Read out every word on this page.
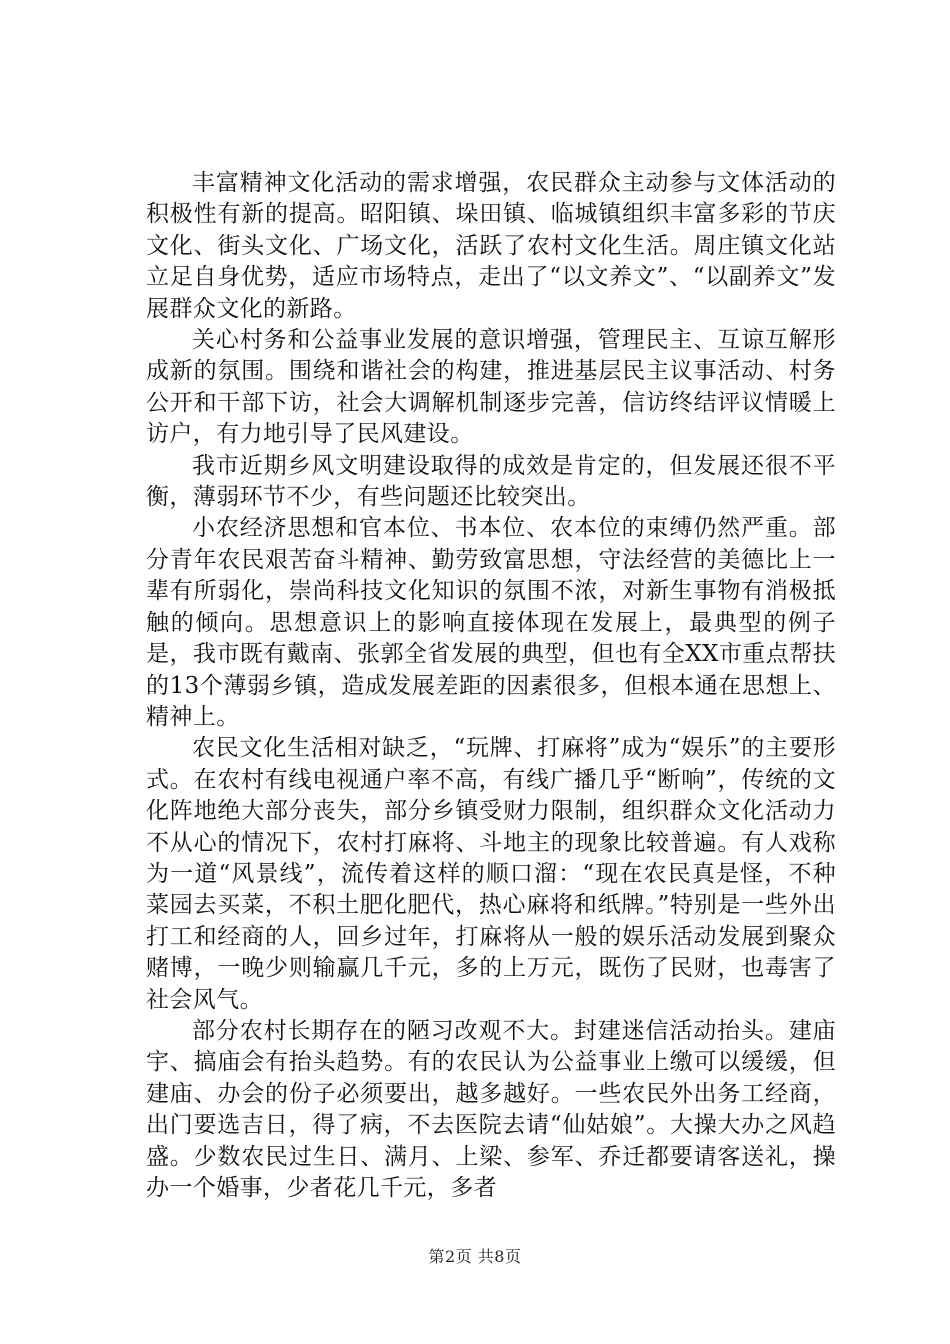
丰富精神文化活动的需求增强，农民群众主动参与文体活动的积极性有新的提高。昭阳镇、垛田镇、临城镇组织丰富多彩的节庆文化、街头文化、广场文化，活跃了农村文化生活。周庄镇文化站立足自身优势，适应市场特点，走出了“以文养文”、“以副养文”发展群众文化的新路。

关心村务和公益事业发展的意识增强，管理民主、互谅互解形成新的氛围。围绕和谐社会的构建，推进基层民主议事活动、村务公开和干部下访，社会大调解机制逐步完善，信访终结评议情暖上访户，有力地引导了民风建设。

我市近期乡风文明建设取得的成效是肯定的，但发展还很不平衡，薄弱环节不少，有些问题还比较突出。

小农经济思想和官本位、书本位、农本位的束缚仍然严重。部分青年农民艰苦奋斗精神、勤劳致富思想，守法经营的美德比上一辈有所弱化，崇尚科技文化知识的氛围不浓，对新生事物有消极抵触的倾向。思想意识上的影响直接体现在发展上，最典型的例子是，我市既有戴南、张郭全省发展的典型，但也有全XX市重点帮扶的13个薄弱乡镇，造成发展差距的因素很多，但根本通在思想上、精神上。

农民文化生活相对缺乏，“玩牌、打麻将”成为“娱乐”的主要形式。在农村有线电视通户率不高，有线广播几乎“断响”，传统的文化阵地绝大部分丧失，部分乡镇受财力限制，组织群众文化活动力不从心的情况下，农村打麻将、斗地主的现象比较普遍。有人戏称为一道“风景线”，流传着这样的顺口溜：“现在农民真是怪，不种菜园去买菜，不积土肥化肥代，热心麻将和纸牌。”特别是一些外出打工和经商的人，回乡过年，打麻将从一般的娱乐活动发展到聚众赌博，一晚少则输赢几千元，多的上万元，既伤了民财，也毒害了社会风气。

部分农村长期存在的陋习改观不大。封建迷信活动抬头。建庙宇、搞庙会有抬头趋势。有的农民认为公益事业上缴可以缓缓，但建庙、办会的份子必须要出，越多越好。一些农民外出务工经商，出门要选吉日，得了病，不去医院去请“仙姑娘”。大操大办之风趋盛。少数农民过生日、满月、上梁、参军、乔迁都要请客送礼，操办一个婚事，少者花几千元，多者

第2页 共8页
